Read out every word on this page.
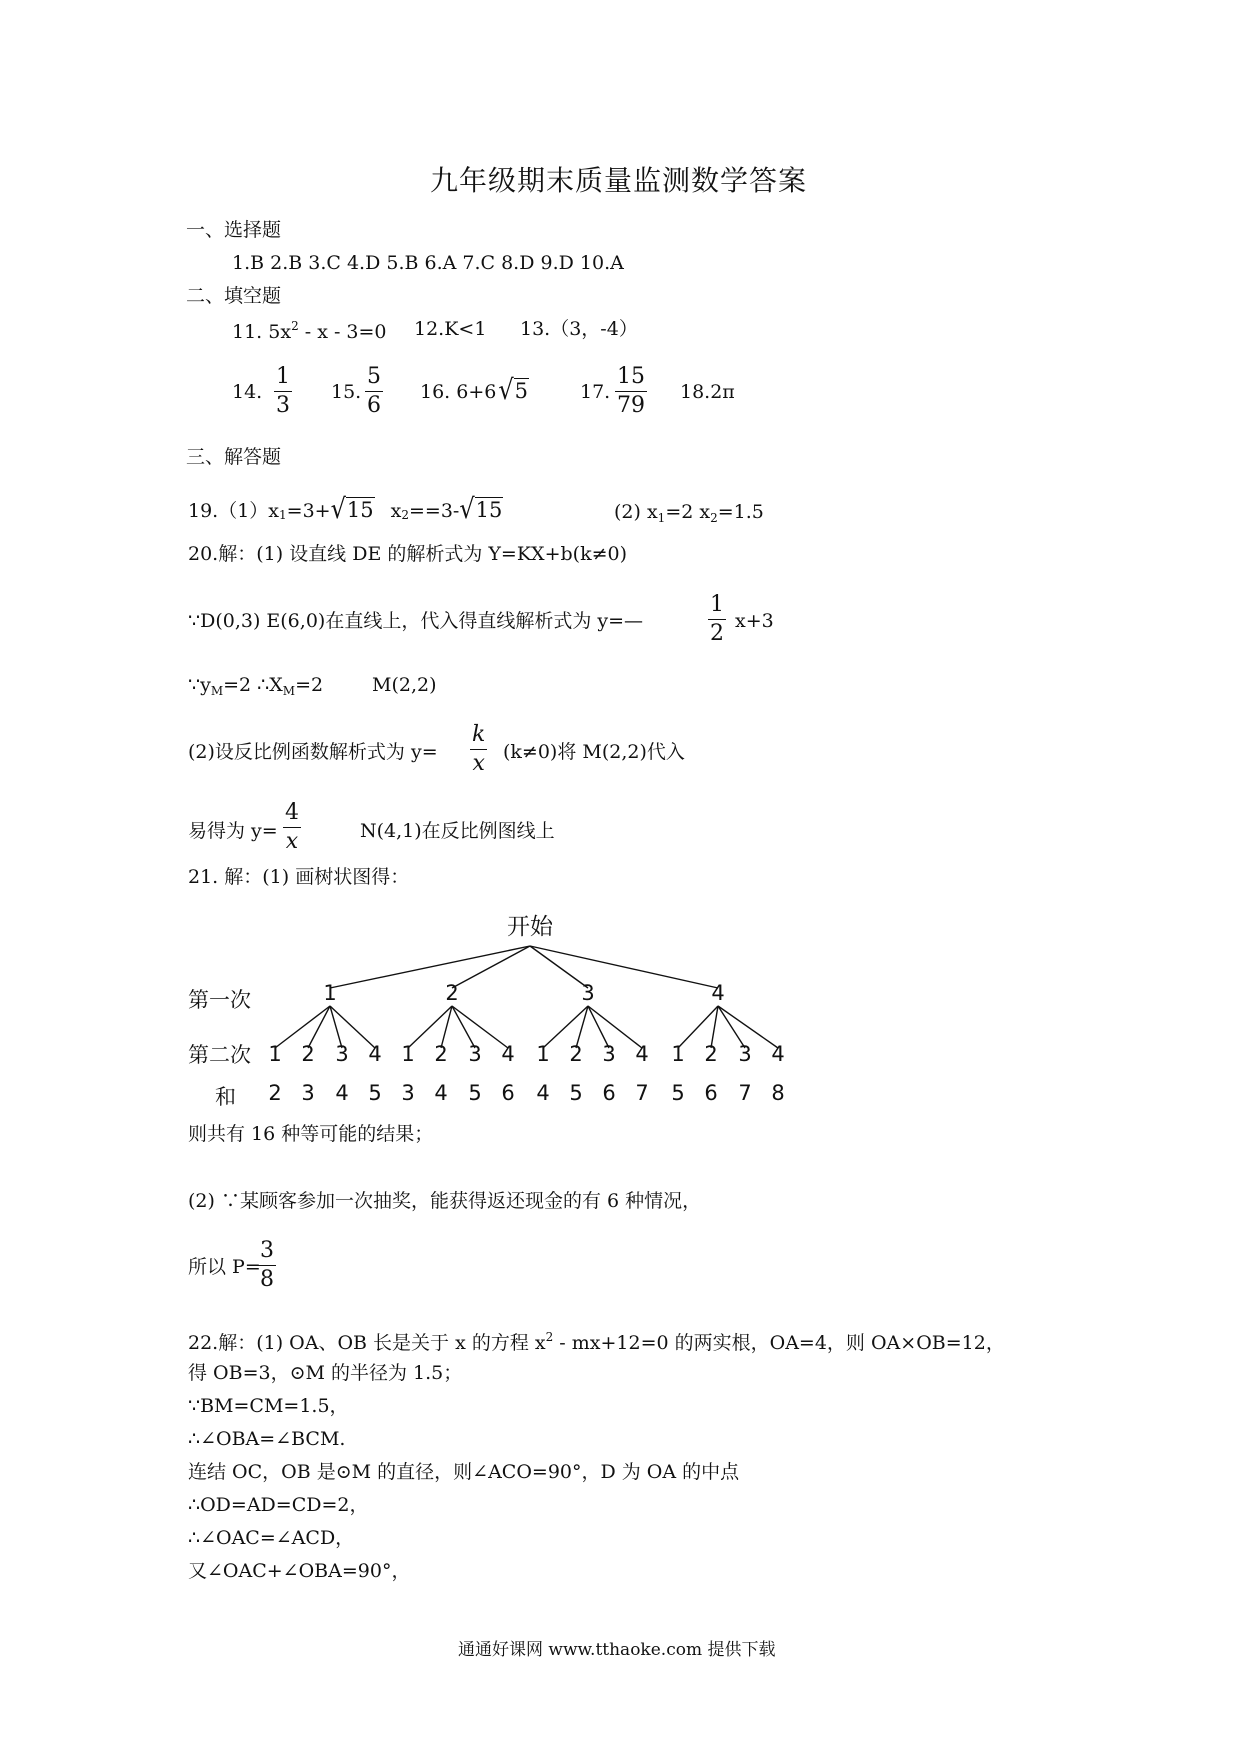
九年级期末质量监测数学答案
一、选择题
1.B 2.B 3.C 4.D 5.B 6.A 7.C 8.D 9.D 10.A
二、填空题
11. $5x^2 - x - 3=0$ 12.K<1 13.（3，-4）
14.
1
3
15.
5
6
16. 6+6 √ 5	17.
15
79
18.2π
三、解答题
19.（1）x 1 =3+ √ 15 x 2 ==3- √ 15	(2) $x_1=2$ $x_2=1.5$
20.解：(1) 设直线 DE 的解析式为 Y=KX+b(k≠0)
∵D(0,3) E(6,0)在直线上，代入得直线解析式为 y=—
1
2 x+3
$\because y_M=2$ $\therefore X_M=2$	M(2,2)
(2)设反比例函数解析式为 y=
k
x (k≠0)将 M(2,2)代入
易得为 y=
4
x	N(4,1)在反比例图线上
21. 解：(1) 画树状图得：
开始
第一次
第二次
和
1	2	3	4
1 2 3 4 1 2 3 4 1 2 3 4 1 2 3 4
2 3 4 5 3 4 5 6 4 5 6 7 5 6 7 8
则共有 16 种等可能的结果；
(2) ∵某顾客参加一次抽奖，能获得返还现金的有 6 种情况，
所以 P=
3
8
22.解：(1) OA、OB 长是关于 x 的方程 $x^2 - mx+12=0$ 的两实根，OA=4，则 OA×OB=12，
得 OB=3，⊙M 的半径为 1.5；
∵BM=CM=1.5，
∴∠OBA=∠BCM.
连结 OC，OB 是⊙M 的直径，则∠ACO=90°，D 为 OA 的中点
∴OD=AD=CD=2，
∴∠OAC=∠ACD，
又∠OAC+∠OBA=90°，
通通好课网 www.tthaoke.com 提供下载
